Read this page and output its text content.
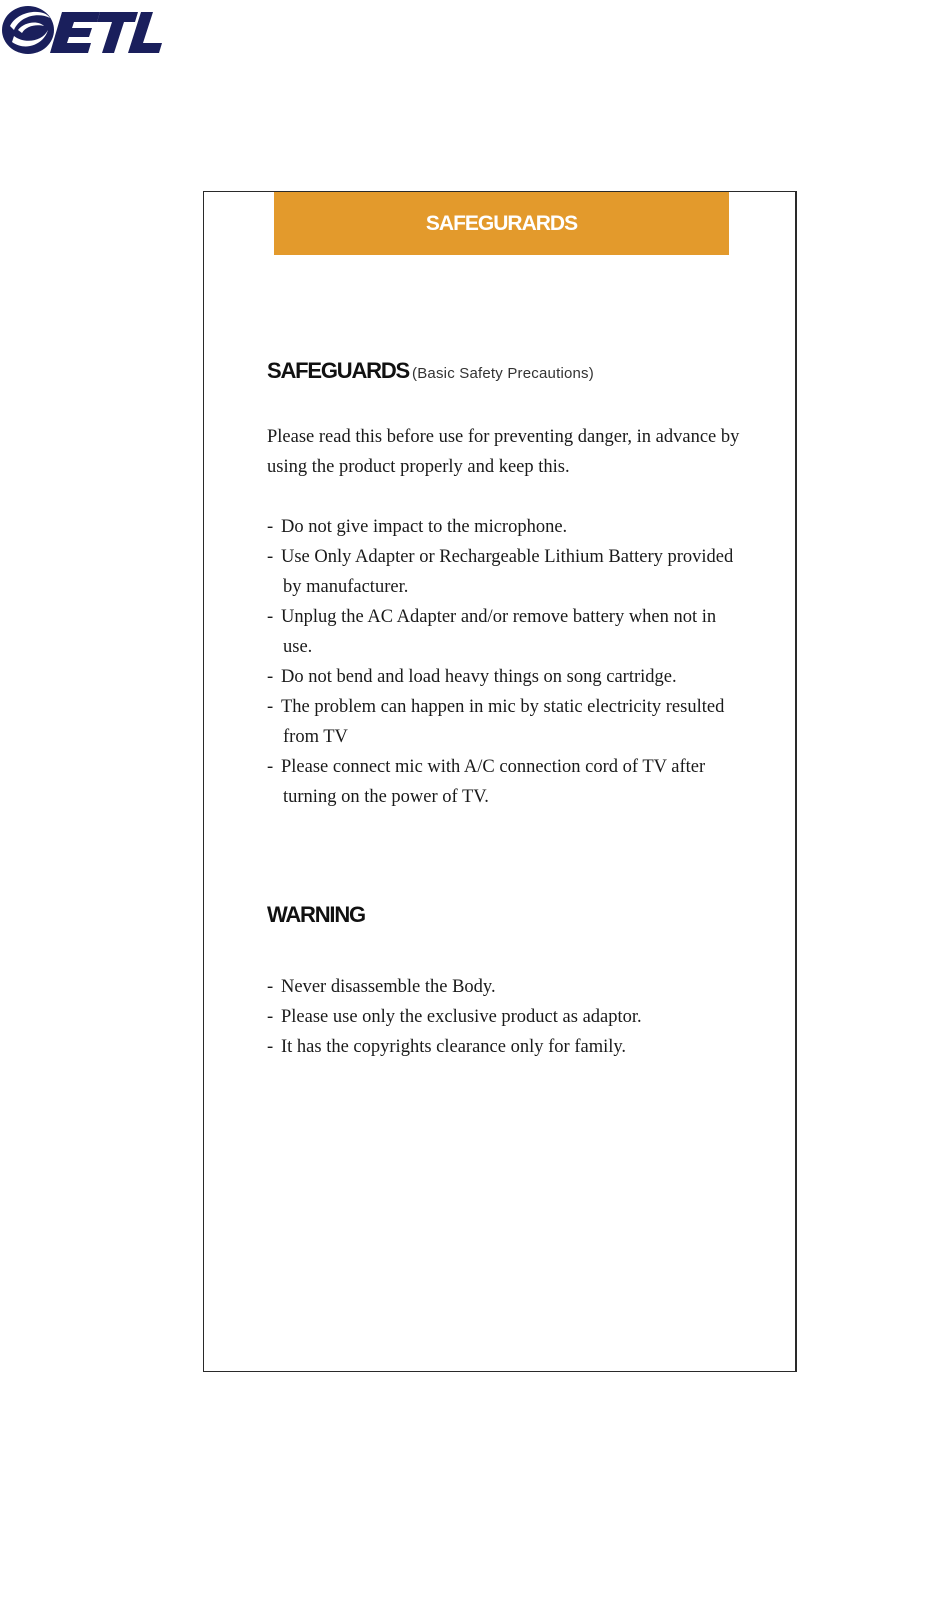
SAFEGURARDS
SAFEGUARDS (Basic Safety Precautions)
Please read this before use for preventing danger, in advance by using the product properly and keep this.
- Do not give impact to the microphone.
- Use Only Adapter or Rechargeable Lithium Battery provided by manufacturer.
- Unplug the AC Adapter and/or remove battery when not in use.
- Do not bend and load heavy things on song cartridge.
- The problem can happen in mic by static electricity resulted from TV
- Please connect mic with A/C connection cord of TV after turning on the power of TV.
WARNING
- Never disassemble the Body.
- Please use only the exclusive product as adaptor.
- It has the copyrights clearance only for family.
